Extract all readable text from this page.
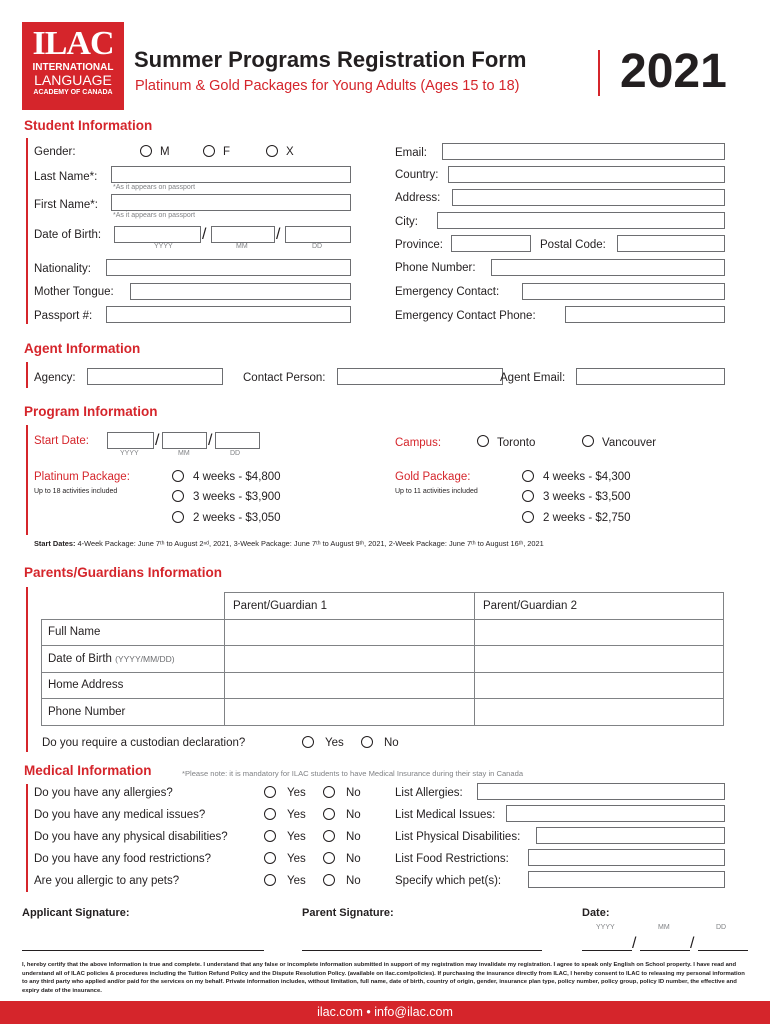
ILAC
INTERNATIONAL
LANGUAGE
ACADEMY OF CANADA
Summer Programs Registration Form
Platinum & Gold Packages for Young Adults (Ages 15 to 18) 2021
Student Information
Gender:	M	F	X
Last Name*:
*As it appears on passport
First Name*:
*As it appears on passport
Date of Birth:	/	/
YYYY	MM	DD
Nationality:
Mother Tongue:
Passport #:
Email:
Country:
Address:
City:
Province:	Postal Code:
Phone Number:
Emergency Contact:
Emergency Contact Phone:
Agent Information
Agency:	Contact Person:	Agent Email:
Program Information
Start Date:	/	/
YYYY	MM	DD
Campus:	Toronto	Vancouver
Platinum Package:
Up to 18 activities included
4 weeks - $4,800
3 weeks - $3,900
2 weeks - $3,050
Gold Package:
Up to 11 activities included
4 weeks - $4,300
3 weeks - $3,500
2 weeks - $2,750
Start Dates: 4-Week Package: June 7ᵗʰ to August 2ⁿᵈ, 2021, 3-Week Package: June 7ᵗʰ to August 9ᵗʰ, 2021, 2-Week Package: June 7ᵗʰ to August 16ᵗʰ, 2021
Parents/Guardians Information
	Parent/Guardian 1	Parent/Guardian 2
Full Name		
Date of Birth (YYYY/MM/DD)		
Home Address		
Phone Number		
Do you require a custodian declaration?	Yes	No
Medical Information	*Please note: it is mandatory for ILAC students to have Medical Insurance during their stay in Canada
Do you have any allergies?	Yes	No	List Allergies:
Do you have any medical issues?	Yes	No	List Medical Issues:
Do you have any physical disabilities?	Yes	No	List Physical Disabilities:
Do you have any food restrictions?	Yes	No	List Food Restrictions:
Are you allergic to any pets?	Yes	No	Specify which pet(s):
Applicant Signature:	Parent Signature:	Date:
YYYY	MM	DD
/	/
I, hereby certify that the above information is true and complete. I understand that any false or incomplete information submitted in support of my registration may invalidate my registration. I agree to speak only English on School property. I have read and understand all of ILAC policies & procedures including the Tuition Refund Policy and the Dispute Resolution Policy. (available on ilac.com/policies). If purchasing the insurance directly from ILAC, I hereby consent to ILAC to releasing my personal information to any third party who applied and/or paid for the services on my behalf. Private information includes, without limitation, full name, date of birth, country of origin, gender, insurance plan type, policy number, policy group, policy ID number, the effective and expiry date of the insurance.
ilac.com • info@ilac.com
